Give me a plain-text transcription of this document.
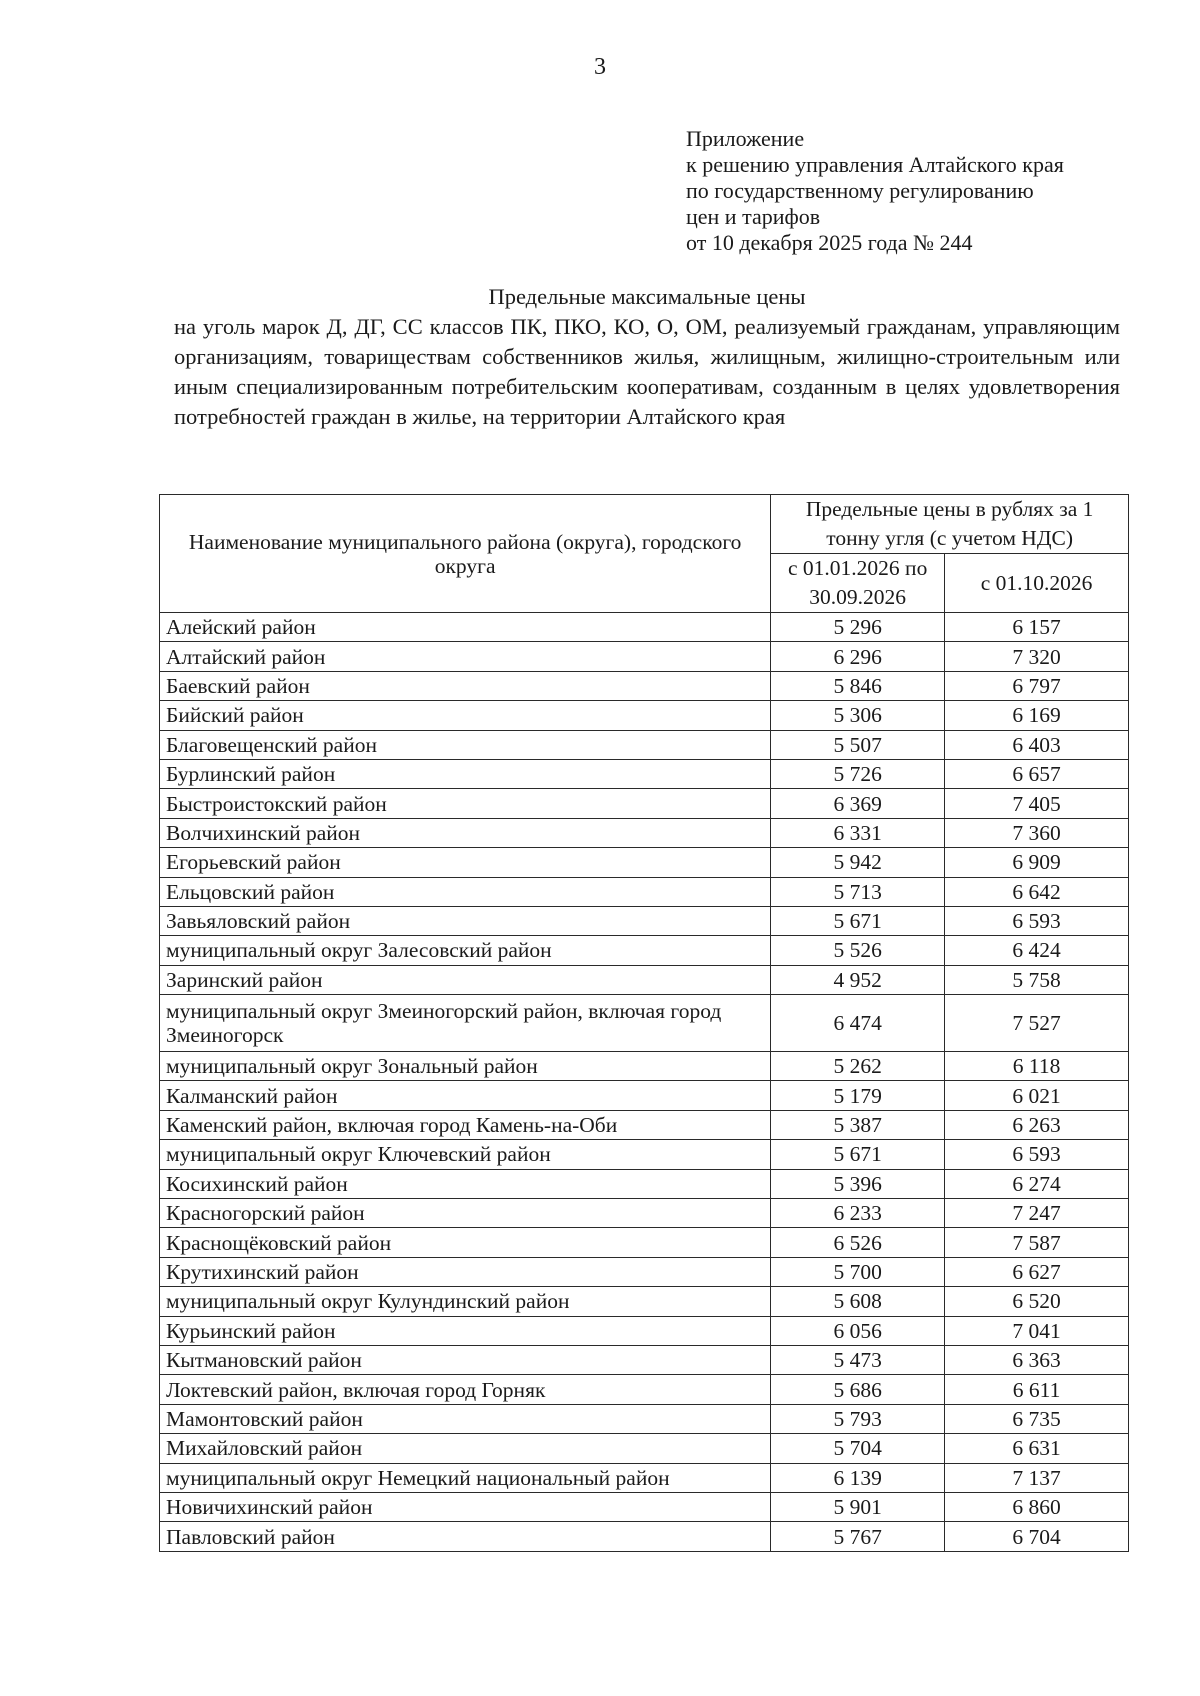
3
Приложение
к решению управления Алтайского края
по государственному регулированию
цен и тарифов
от 10 декабря 2025 года № 244
Предельные максимальные цены
на уголь марок Д, ДГ, СС классов ПК, ПКО, КО, О, ОМ, реализуемый гражданам, управляющим организациям, товариществам собственников жилья, жилищным, жилищно-строительным или иным специализированным потребительским кооперативам, созданным в целях удовлетворения потребностей граждан в жилье, на территории Алтайского края
Наименование муниципального района (округа), городского округа	Предельные цены в рублях за 1 тонну угля (с учетом НДС)	
	с 01.01.2026 по 30.09.2026	с 01.10.2026
Алейский район	5 296	6 157
Алтайский район	6 296	7 320
Баевский район	5 846	6 797
Бийский район	5 306	6 169
Благовещенский район	5 507	6 403
Бурлинский район	5 726	6 657
Быстроистокский район	6 369	7 405
Волчихинский район	6 331	7 360
Егорьевский район	5 942	6 909
Ельцовский район	5 713	6 642
Завьяловский район	5 671	6 593
муниципальный округ Залесовский район	5 526	6 424
Заринский район	4 952	5 758
муниципальный округ Змеиногорский район, включая город Змеиногорск	6 474	7 527
муниципальный округ Зональный район	5 262	6 118
Калманский район	5 179	6 021
Каменский район, включая город Камень-на-Оби	5 387	6 263
муниципальный округ Ключевский район	5 671	6 593
Косихинский район	5 396	6 274
Красногорский район	6 233	7 247
Краснощёковский район	6 526	7 587
Крутихинский район	5 700	6 627
муниципальный округ Кулундинский район	5 608	6 520
Курьинский район	6 056	7 041
Кытмановский район	5 473	6 363
Локтевский район, включая город Горняк	5 686	6 611
Мамонтовский район	5 793	6 735
Михайловский район	5 704	6 631
муниципальный округ Немецкий национальный район	6 139	7 137
Новичихинский район	5 901	6 860
Павловский район	5 767	6 704
